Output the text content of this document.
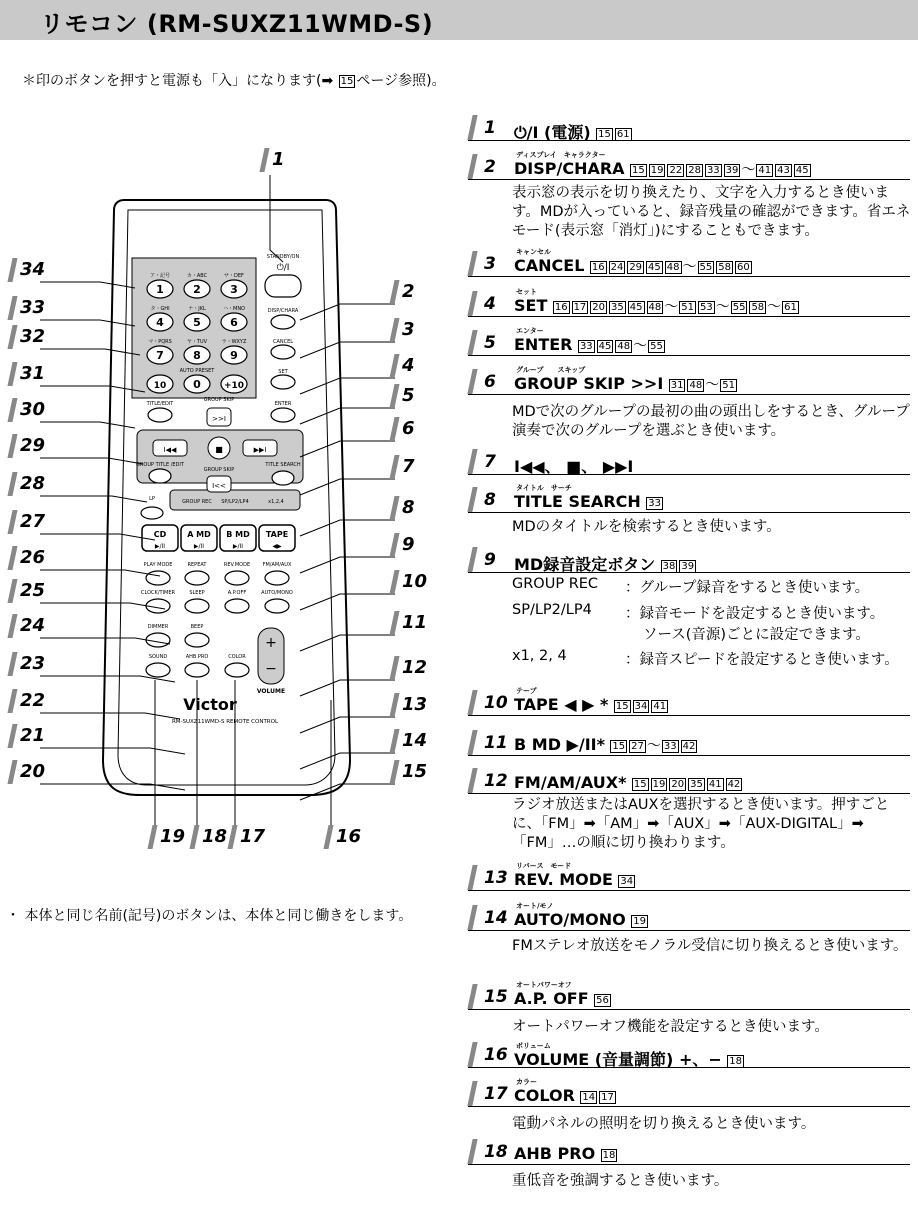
リモコン (RM-SUXZ11WMD-S)
＊印のボタンを押すと電源も「入」になります(➡ 15 ページ参照)。
ア・記号
1
カ・ABC
2
サ・DEF
3
タ・GHI
4
ナ・JKL
5
ハ・MNO
6
マ・PQRS
7
ヤ・TUV
8
ラ・WXYZ
9
10 0	+10
AUTO PRESET
STANDBY/ON
⏻/I
DISP/CHARA
CANCEL
SET
ENTER
TITLE/EDIT
GROUP SKIP
>>I
I◀◀	■	▶▶I
GROUP TITLE /EDIT
GROUP SKIP
I<<
TITLE SEARCH
LP	GROUP REC SP/LP2/LP4	x1,2,4
CD
▶/II
A MD
▶/II
B MD
▶/II
TAPE
◀▶
PLAY MODE	REPEAT	REV.MODE FM/AM/AUX
CLOCK/TIMER	SLEEP	A.P.OFF	AUTO/MONO
DIMMER	BEEP
SOUND	AHB PRO	COLOR
+
−
VOLUME
Victor
RM-SUXZ11WMD-S REMOTE CONTROL
34
33
32
31
30
29
28
27
26
25
24
23
22
21
20
2
3
4
5
6
7
8
9
10
11
12
13
14
15
19 18 17	16
1
1 ⏻/I (電源) 15 61
2
ディスプレイ　キャラクター
DISP/CHARA 15 19 22 28 33 39 ～ 41 43 45
3
キャンセル
CANCEL 16 24 29 45 48 ～ 55 58 60
4
セット
SET 16 17 20 35 45 48 ～ 51 53 ～ 55 58 ～ 61
5
エンター
ENTER 33 45 48 ～ 55
6
グループ　　スキップ
GROUP SKIP >>I 31 48 ～ 51
7 I◀◀、 ■、 ▶▶I
8
タイトル　サーチ
TITLE SEARCH 33
9 MD録音設定ボタン 38 39
10
テープ
TAPE ◀ ▶ * 15 34 41
11 B MD ▶/II* 15 27 ～ 33 42
12 FM/AM/AUX* 15 19 20 35 41 42
13
リバース　モード
REV. MODE 34
14
オート/モノ
AUTO/MONO 19
15
オートパワーオフ
A.P. OFF 56
16 ボリューム
VOLUME (音量調節) +、− 18
17
カラー
COLOR 14 17
18 AHB PRO 18
表示窓の表示を切り換えたり、文字を入力するとき使います。MDが入っていると、録音残量の確認ができます。省エネモード(表示窓「消灯」)にすることもできます。
MDで次のグループの最初の曲の頭出しをするとき、グループ演奏で次のグループを選ぶとき使います。
MDのタイトルを検索するとき使います。
GROUP REC ：グループ録音をするとき使います。
SP/LP2/LP4 ：録音モードを設定するとき使います。
ソース(音源)ごとに設定できます。
x1, 2, 4	：録音スピードを設定するとき使います。
ラジオ放送またはAUXを選択するとき使います。押すごとに、「FM」➡「AM」➡「AUX」➡「AUX-DIGITAL」➡「FM」…の順に切り換わります。
FMステレオ放送をモノラル受信に切り換えるとき使います。
オートパワーオフ機能を設定するとき使います。
電動パネルの照明を切り換えるとき使います。
重低音を強調するとき使います。
・ 本体と同じ名前(記号)のボタンは、本体と同じ働きをします。
